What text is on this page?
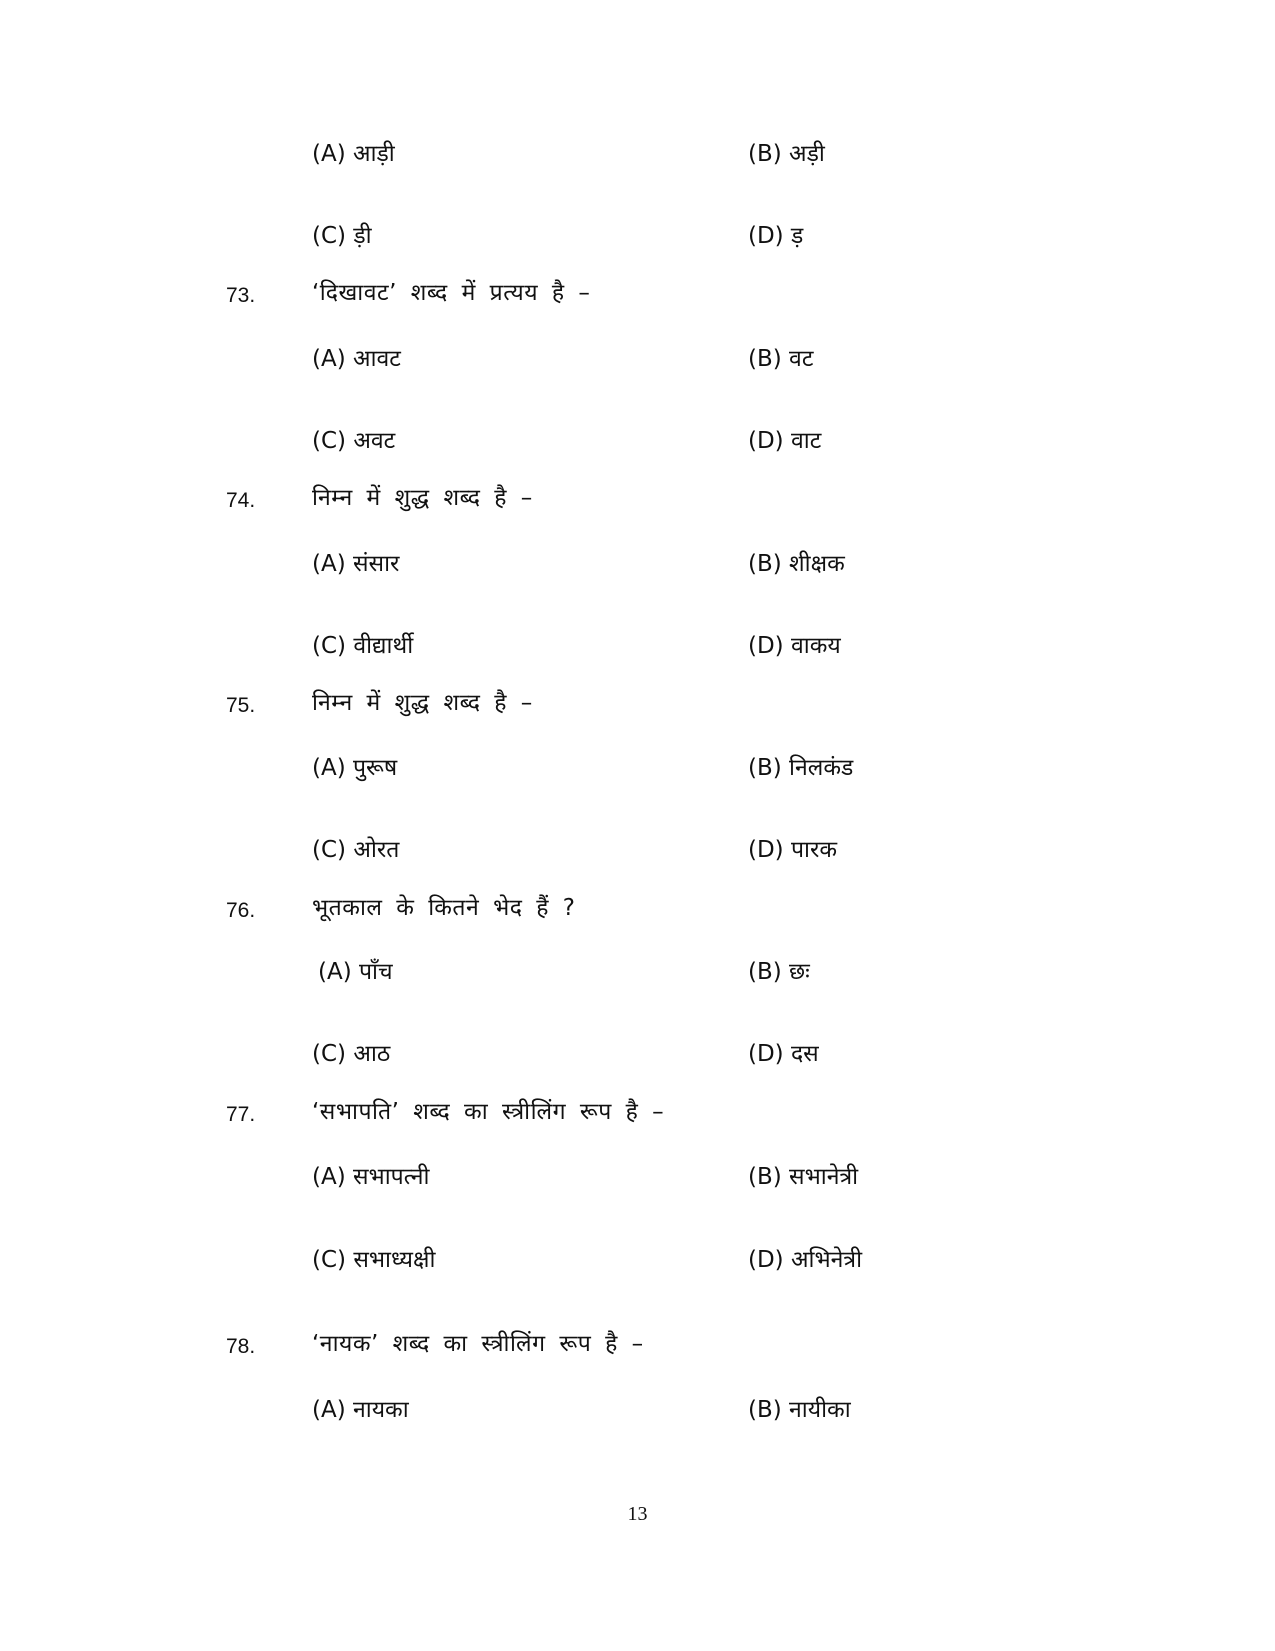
(A) आड़ी	(B) अड़ी
(C) ड़ी	(D) ड़
73. ‘दिखावट’ शब्द में प्रत्यय है –
(A) आवट	(B) वट
(C) अवट	(D) वाट
74. निम्न में शुद्ध शब्द है –
(A) संसार	(B) शीक्षक
(C) वीद्यार्थी	(D) वाकय
75. निम्न में शुद्ध शब्द है –
(A) पुरूष	(B) निलकंड
(C) ओरत	(D) पारक
76. भूतकाल के कितने भेद हैं ?
(A) पाँच	(B) छः
(C) आठ	(D) दस
77. ‘सभापति’ शब्द का स्त्रीलिंग रूप है –
(A) सभापत्नी	(B) सभानेत्री
(C) सभाध्यक्षी	(D) अभिनेत्री
78. ‘नायक’ शब्द का स्त्रीलिंग रूप है –
(A) नायका	(B) नायीका
13
